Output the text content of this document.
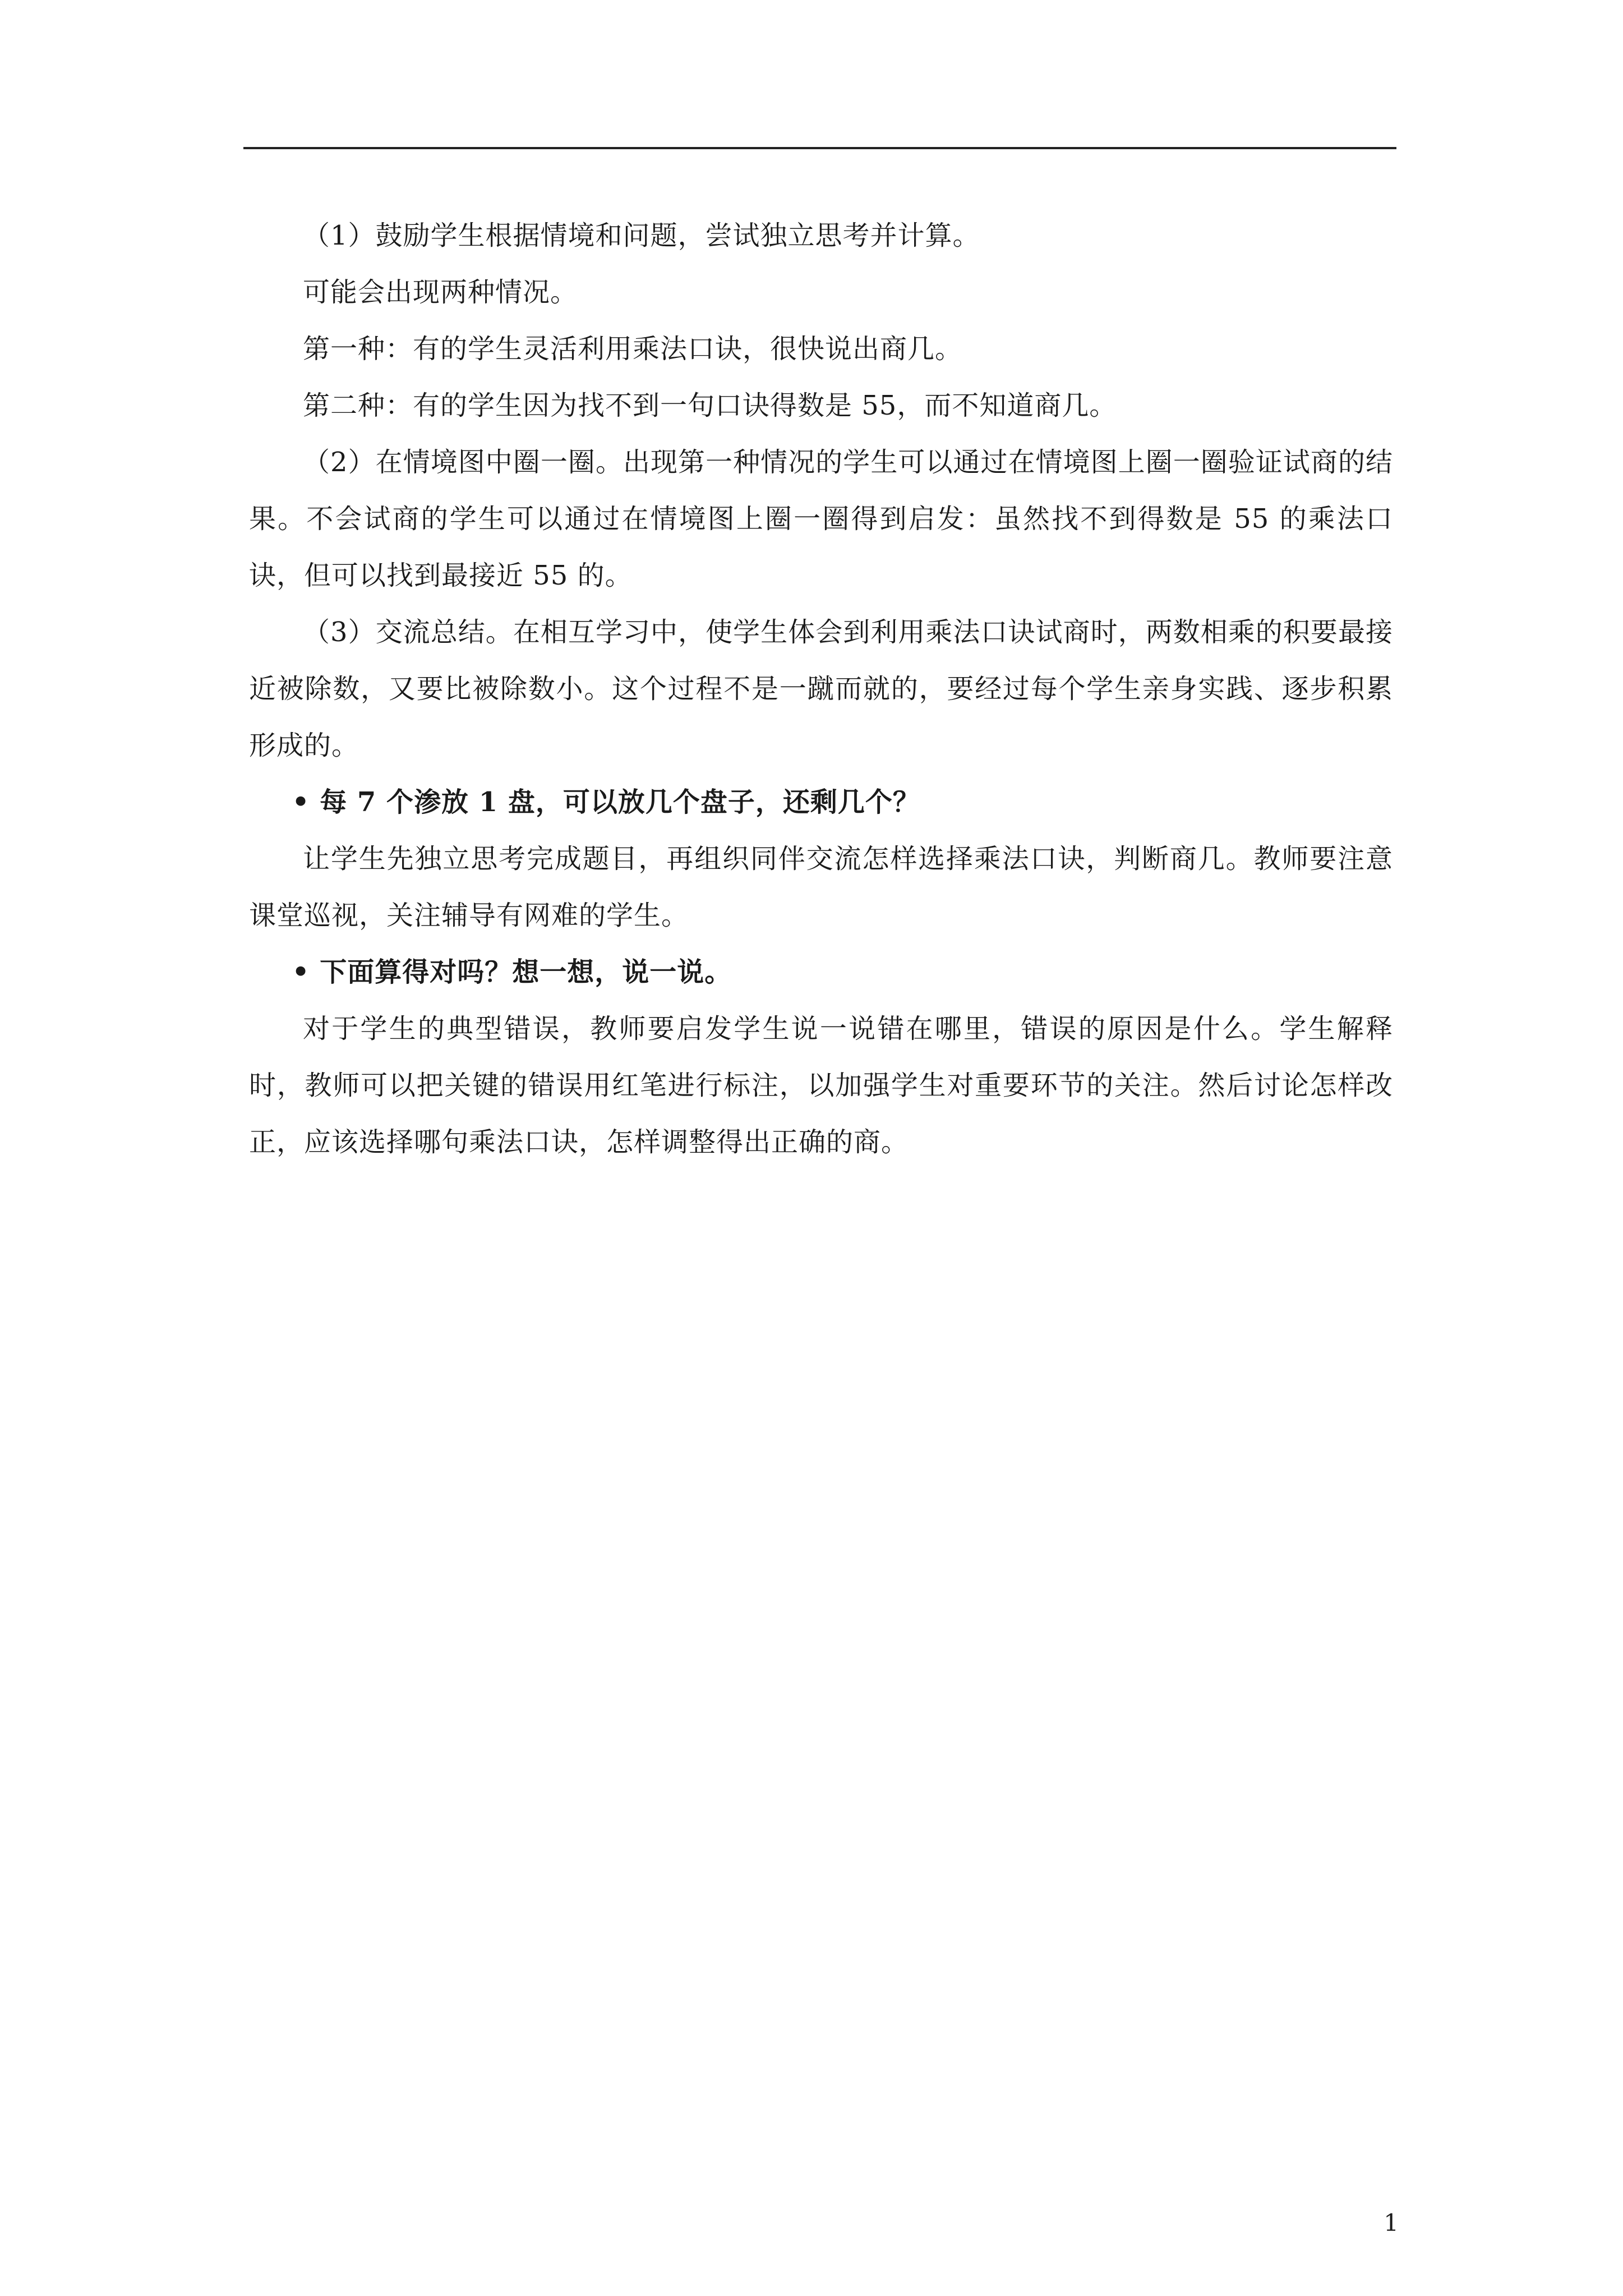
（1）鼓励学生根据情境和问题，尝试独立思考并计算。

可能会出现两种情况。

第一种：有的学生灵活利用乘法口诀，很快说出商几。

第二种：有的学生因为找不到一句口诀得数是 55，而不知道商几。

（2）在情境图中圈一圈。出现第一种情况的学生可以通过在情境图上圈一圈验证试商的结果。不会试商的学生可以通过在情境图上圈一圈得到启发：虽然找不到得数是 55 的乘法口诀，但可以找到最接近 55 的。

（3）交流总结。在相互学习中，使学生体会到利用乘法口诀试商时，两数相乘的积要最接近被除数，又要比被除数小。这个过程不是一蹴而就的，要经过每个学生亲身实践、逐步积累形成的。

• 每 7 个渗放 1 盘，可以放几个盘子，还剩几个？

让学生先独立思考完成题目，再组织同伴交流怎样选择乘法口诀，判断商几。教师要注意课堂巡视，关注辅导有网难的学生。

• 下面算得对吗？想一想，说一说。

对于学生的典型错误，教师要启发学生说一说错在哪里，错误的原因是什么。学生解释时，教师可以把关键的错误用红笔进行标注，以加强学生对重要环节的关注。然后讨论怎样改正，应该选择哪句乘法口诀，怎样调整得出正确的商。

1
